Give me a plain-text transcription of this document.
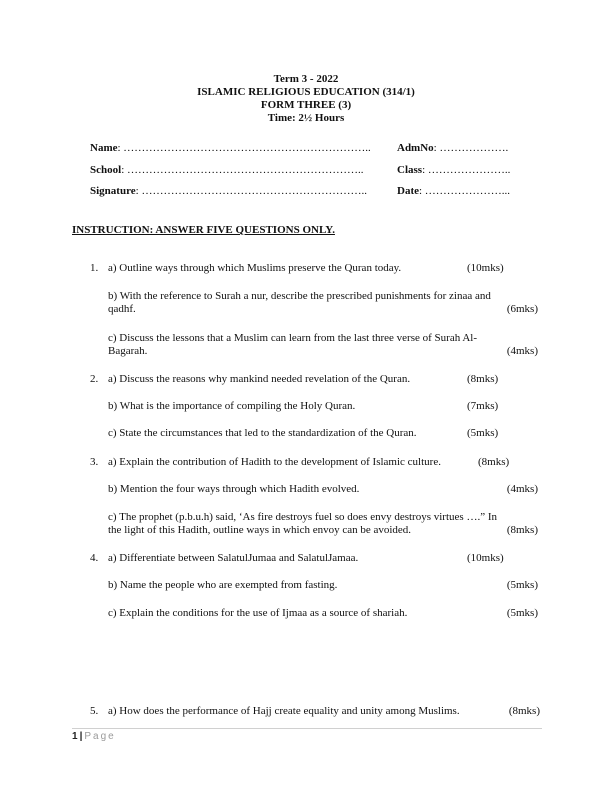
Term 3 - 2022
ISLAMIC RELIGIOUS EDUCATION (314/1)
FORM THREE (3)
Time: 2½ Hours
Name: ………………………………………………………….. AdmNo: ……………….
School: ………………………………………………………..	Class: …………………..
Signature: ……………………………………………………..	Date: …………………...
INSTRUCTION: ANSWER FIVE QUESTIONS ONLY.
1. a) Outline ways through which Muslims preserve the Quran today.	(10mks)
b) With the reference to Surah a nur, describe the prescribed punishments for zinaa and
qadhf.	(6mks)
c) Discuss the lessons that a Muslim can learn from the last three verse of Surah Al-
Bagarah.	(4mks)
2. a) Discuss the reasons why mankind needed revelation of the Quran.	(8mks)
b) What is the importance of compiling the Holy Quran.	(7mks)
c) State the circumstances that led to the standardization of the Quran.	(5mks)
3. a) Explain the contribution of Hadith to the development of Islamic culture.	(8mks)
b) Mention the four ways through which Hadith evolved.	(4mks)
c) The prophet (p.b.u.h) said, ‘As fire destroys fuel so does envy destroys virtues ….” In
the light of this Hadith, outline ways in which envoy can be avoided.	(8mks)
4. a) Differentiate between SalatulJumaa and SalatulJamaa.	(10mks)
b) Name the people who are exempted from fasting.	(5mks)
c) Explain the conditions for the use of Ijmaa as a source of shariah.	(5mks)
5. a) How does the performance of Hajj create equality and unity among Muslims.	(8mks)
1 | Page
